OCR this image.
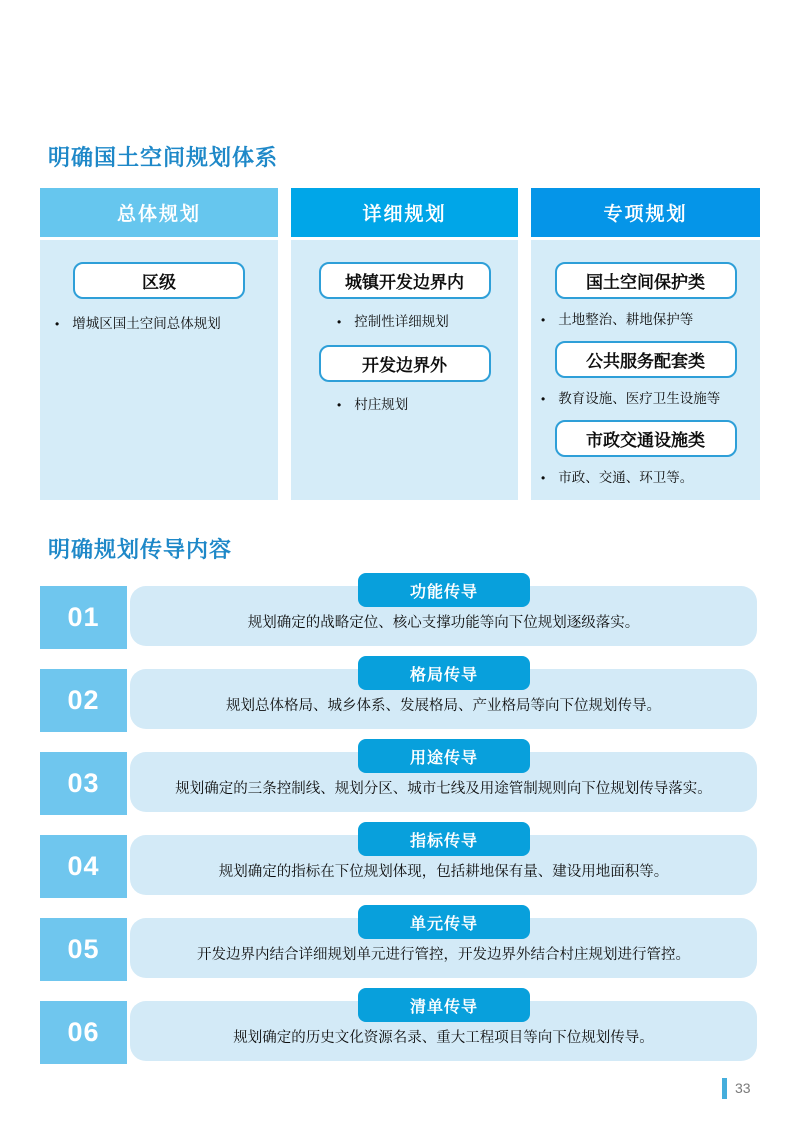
明确国土空间规划体系
总体规划
区级
• 增城区国土空间总体规划
详细规划
城镇开发边界内
• 控制性详细规划
开发边界外
• 村庄规划
专项规划
国土空间保护类
• 土地整治、耕地保护等
公共服务配套类
• 教育设施、医疗卫生设施等
市政交通设施类
• 市政、交通、环卫等。
明确规划传导内容
01
功能传导
规划确定的战略定位、核心支撑功能等向下位规划逐级落实。
02
格局传导
规划总体格局、城乡体系、发展格局、产业格局等向下位规划传导。
03
用途传导
规划确定的三条控制线、规划分区、城市七线及用途管制规则向下位规划传导落实。
04
指标传导
规划确定的指标在下位规划体现，包括耕地保有量、建设用地面积等。
05
单元传导
开发边界内结合详细规划单元进行管控，开发边界外结合村庄规划进行管控。
06
清单传导
规划确定的历史文化资源名录、重大工程项目等向下位规划传导。
33
